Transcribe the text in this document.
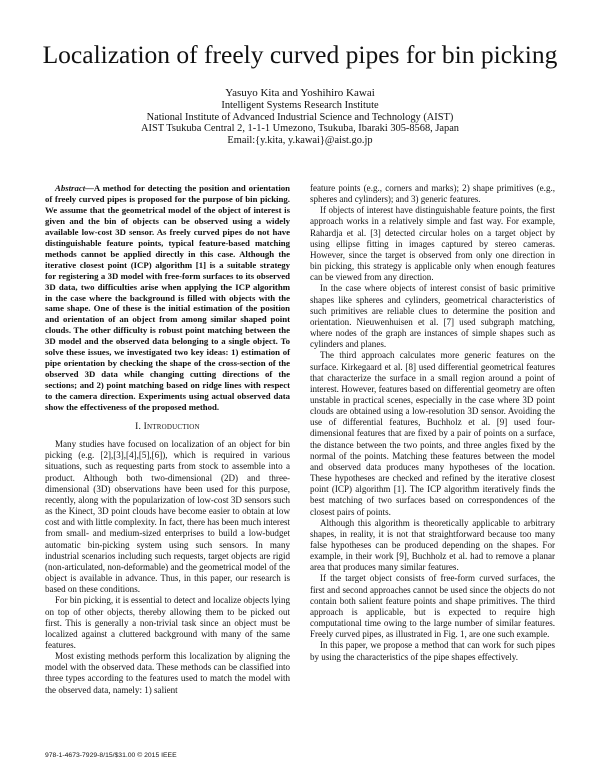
Localization of freely curved pipes for bin picking
Yasuyo Kita and Yoshihiro Kawai
Intelligent Systems Research Institute
National Institute of Advanced Industrial Science and Technology (AIST)
AIST Tsukuba Central 2, 1-1-1 Umezono, Tsukuba, Ibaraki 305-8568, Japan
Email:{y.kita, y.kawai}@aist.go.jp

Abstract—A method for detecting the position and orientation of freely curved pipes is proposed for the purpose of bin picking. We assume that the geometrical model of the object of interest is given and the bin of objects can be observed using a widely available low-cost 3D sensor. As freely curved pipes do not have distinguishable feature points, typical feature-based matching methods cannot be applied directly in this case. Although the iterative closest point (ICP) algorithm [1] is a suitable strategy for registering a 3D model with free-form surfaces to its observed 3D data, two difficulties arise when applying the ICP algorithm in the case where the background is filled with objects with the same shape. One of these is the initial estimation of the position and orientation of an object from among similar shaped point clouds. The other difficulty is robust point matching between the 3D model and the observed data belonging to a single object. To solve these issues, we investigated two key ideas: 1) estimation of pipe orientation by checking the shape of the cross-section of the observed 3D data while changing cutting directions of the sections; and 2) point matching based on ridge lines with respect to the camera direction. Experiments using actual observed data show the effectiveness of the proposed method.

I. Introduction

Many studies have focused on localization of an object for bin picking (e.g. [2],[3],[4],[5],[6]), which is required in various situations, such as requesting parts from stock to assemble into a product. Although both two-dimensional (2D) and three-dimensional (3D) observations have been used for this purpose, recently, along with the popularization of low-cost 3D sensors such as the Kinect, 3D point clouds have become easier to obtain at low cost and with little complexity. In fact, there has been much interest from small- and medium-sized enterprises to build a low-budget automatic bin-picking system using such sensors. In many industrial scenarios including such requests, target objects are rigid (non-articulated, non-deformable) and the geometrical model of the object is available in advance. Thus, in this paper, our research is based on these conditions.

For bin picking, it is essential to detect and localize objects lying on top of other objects, thereby allowing them to be picked out first. This is generally a non-trivial task since an object must be localized against a cluttered background with many of the same features.

Most existing methods perform this localization by aligning the model with the observed data. These methods can be classified into three types according to the features used to match the model with the observed data, namely: 1) salient

feature points (e.g., corners and marks); 2) shape primitives (e.g., spheres and cylinders); and 3) generic features.

If objects of interest have distinguishable feature points, the first approach works in a relatively simple and fast way. For example, Rahardja et al. [3] detected circular holes on a target object by using ellipse fitting in images captured by stereo cameras. However, since the target is observed from only one direction in bin picking, this strategy is applicable only when enough features can be viewed from any direction.

In the case where objects of interest consist of basic primitive shapes like spheres and cylinders, geometrical characteristics of such primitives are reliable clues to determine the position and orientation. Nieuwenhuisen et al. [7] used subgraph matching, where nodes of the graph are instances of simple shapes such as cylinders and planes.

The third approach calculates more generic features on the surface. Kirkegaard et al. [8] used differential geometrical features that characterize the surface in a small region around a point of interest. However, features based on differential geometry are often unstable in practical scenes, especially in the case where 3D point clouds are obtained using a low-resolution 3D sensor. Avoiding the use of differential features, Buchholz et al. [9] used four-dimensional features that are fixed by a pair of points on a surface, the distance between the two points, and three angles fixed by the normal of the points. Matching these features between the model and observed data produces many hypotheses of the location. These hypotheses are checked and refined by the iterative closest point (ICP) algorithm [1]. The ICP algorithm iteratively finds the best matching of two surfaces based on correspondences of the closest pairs of points.

Although this algorithm is theoretically applicable to arbitrary shapes, in reality, it is not that straightforward because too many false hypotheses can be produced depending on the shapes. For example, in their work [9], Buchholz et al. had to remove a planar area that produces many similar features.

If the target object consists of free-form curved surfaces, the first and second approaches cannot be used since the objects do not contain both salient feature points and shape primitives. The third approach is applicable, but is expected to require high computational time owing to the large number of similar features. Freely curved pipes, as illustrated in Fig. 1, are one such example.

In this paper, we propose a method that can work for such pipes by using the characteristics of the pipe shapes effectively.

978-1-4673-7929-8/15/$31.00 © 2015 IEEE
